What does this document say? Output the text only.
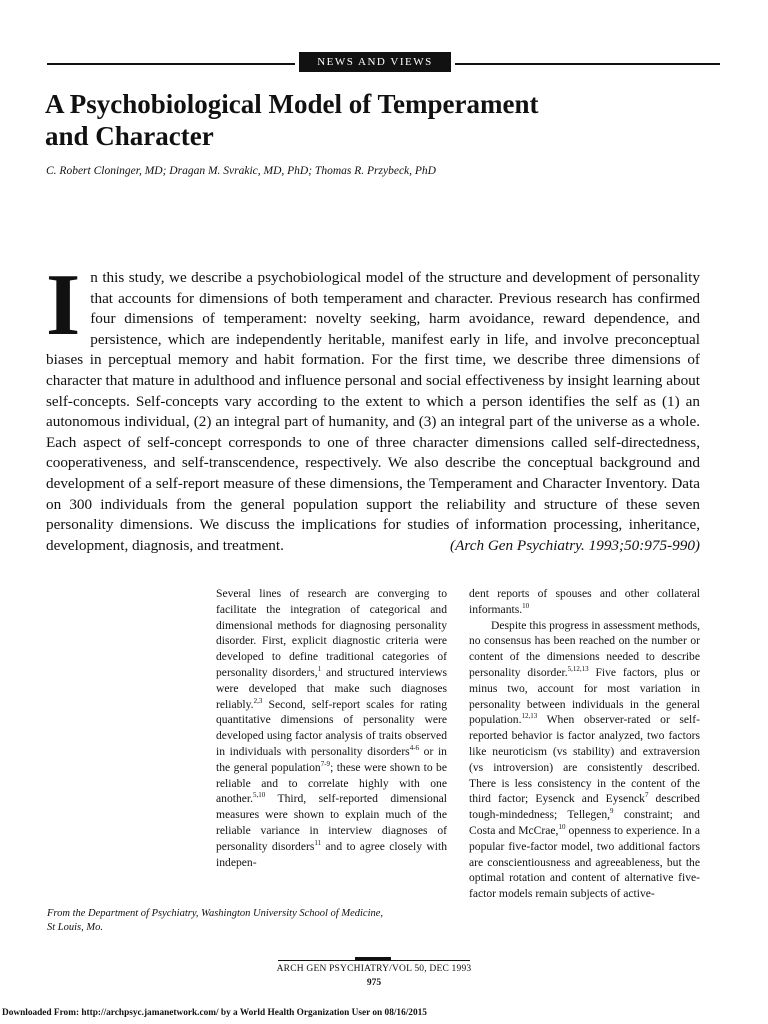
NEWS AND VIEWS
A Psychobiological Model of Temperament
and Character

C. Robert Cloninger, MD; Dragan M. Svrakic, MD, PhD; Thomas R. Przybeck, PhD

In this study, we describe a psychobiological model of the structure and development of personality that accounts for dimensions of both temperament and character. Previous research has confirmed four dimensions of temperament: novelty seeking, harm avoidance, reward dependence, and persistence, which are independently heritable, manifest early in life, and involve preconceptual biases in perceptual memory and habit formation. For the first time, we describe three dimensions of character that mature in adulthood and influence personal and social effectiveness by insight learning about self-concepts. Self-concepts vary according to the extent to which a person identifies the self as (1) an autonomous individual, (2) an integral part of humanity, and (3) an integral part of the universe as a whole. Each aspect of self-concept corresponds to one of three character dimensions called self-directedness, cooperativeness, and self-transcendence, respectively. We also describe the conceptual background and development of a self-report measure of these dimensions, the Temperament and Character Inventory. Data on 300 individuals from the general population support the reliability and structure of these seven personality dimensions. We discuss the implications for studies of information processing, inheritance, development, diagnosis, and treatment.	(Arch Gen Psychiatry. 1993;50:975-990)

Several lines of research are converging to facilitate the integration of categorical and dimensional methods for diagnosing personality disorder. First, explicit diagnostic criteria were developed to define traditional categories of personality disorders,$^1$ and structured interviews were developed that make such diagnoses reliably.$^{2,3}$ Second, self-report scales for rating quantitative dimensions of personality were developed using factor analysis of traits observed in individuals with personality disorders$^{4-6}$ or in the general population$^{7-9}$; these were shown to be reliable and to correlate highly with one another.$^{5,10}$ Third, self-reported dimensional measures were shown to explain much of the reliable variance in interview diagnoses of personality disorders$^{11}$ and to agree closely with indepen-

dent reports of spouses and other collateral informants.$^{10}$

Despite this progress in assessment methods, no consensus has been reached on the number or content of the dimensions needed to describe personality disorder.$^{5,12,13}$ Five factors, plus or minus two, account for most variation in personality between individuals in the general population.$^{12,13}$ When observer-rated or self-reported behavior is factor analyzed, two factors like neuroticism (vs stability) and extraversion (vs introversion) are consistently described. There is less consistency in the content of the third factor; Eysenck and Eysenck$^7$ described tough-mindedness; Tellegen,$^9$ constraint; and Costa and McCrae,$^{10}$ openness to experience. In a popular five-factor model, two additional factors are conscientiousness and agreeableness, but the optimal rotation and content of alternative five-factor models remain subjects of active-

From the Department of Psychiatry, Washington University School of Medicine,
St Louis, Mo.

ARCH GEN PSYCHIATRY/VOL 50, DEC 1993
975
Downloaded From: http://archpsyc.jamanetwork.com/ by a World Health Organization User on 08/16/2015
